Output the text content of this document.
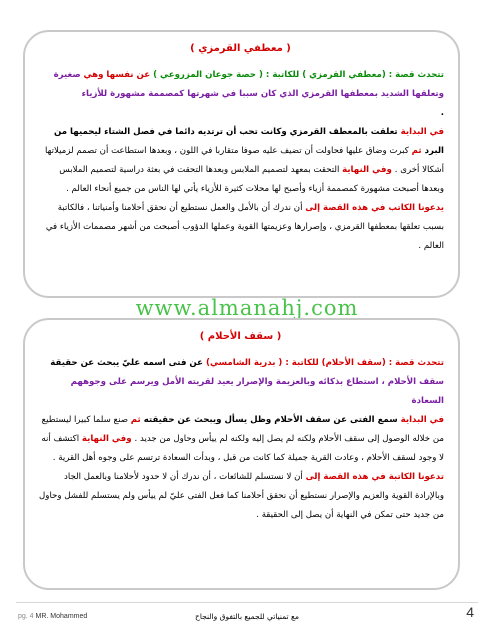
( معطفي القرمزي )

تتحدث قصة : (معطفي القرمزي ) للكاتبة : ( حصة جوعان المزروعي ) عن نفسها وهي صغيرة وتعلقها الشديد بمعطفها القرمزي الذي كان سببا في شهرتها كمصممة مشهورة للأزياء
.

في البداية تعلقت بالمعطف القرمزي وكانت تحب أن ترتديه دائما في فصل الشتاء ليحميها من البرد ثم كبرت وضاق عليها فحاولت أن تضيف عليه صوفا متقاربا في اللون ، وبعدها استطاعت أن تصمم لزميلاتها أشكالا أخرى . وفي النهاية التحقت بمعهد لتصميم الملابس وبعدها التحقت في بعثة دراسية لتصميم الملابس وبعدها أصبحت مشهورة كمصممة أزياء وأصبح لها محلات كثيرة للأزياء يأتي لها الناس من جميع أنحاء العالم .

يدعونا الكاتب في هذه القصة إلى أن ندرك أن بالأمل والعمل نستطيع أن نحقق أحلامنا وأمنياتنا ، فالكاتبة بسبب تعلقها بمعطفها القرمزي ، وإصرارها وعزيمتها القوية وعملها الدؤوب أصبحت من أشهر مصممات الأزياء في العالم .

www.almanahj.com
( سقف الأحلام )

تتحدث قصة : (سقف الأحلام) للكاتبة : ( بدرية الشامسي) عن فتى اسمه عليّ يبحث عن حقيقة سقف الأحلام ، استطاع بذكائه وبالعزيمة والإصرار يعيد لقريته الأمل ويرسم على وجوههم السعادة

في البداية سمع الفتى عن سقف الأحلام وظل يسأل ويبحث عن حقيقته ثم صنع سلما كبيرا ليستطيع من خلاله الوصول إلى سقف الأحلام ولكنه لم يصل إليه ولكنه لم ييأس وحاول من جديد . وفي النهاية اكتشف أنه لا وجود لسقف الأحلام ، وعادت القرية جميلة كما كانت من قبل ، وبدأت السعادة ترتسم على وجوه أهل القرية .

تدعونا الكاتبة في هذه القصة إلى أن لا نستسلم للشائعات ، أن ندرك أن لا حدود لأحلامنا وبالعمل الجاد وبالإرادة القوية والعزيم والإصرار نستطيع أن نحقق أحلامنا كما فعل الفتى عليّ لم ييأس ولم يستسلم للفشل وحاول من جديد حتى تمكن في النهاية أن يصل إلى الحقيقة .

pg. 4 MR. Mohammed	مع تمنياتي للجميع بالتفوق والنجاح	4
